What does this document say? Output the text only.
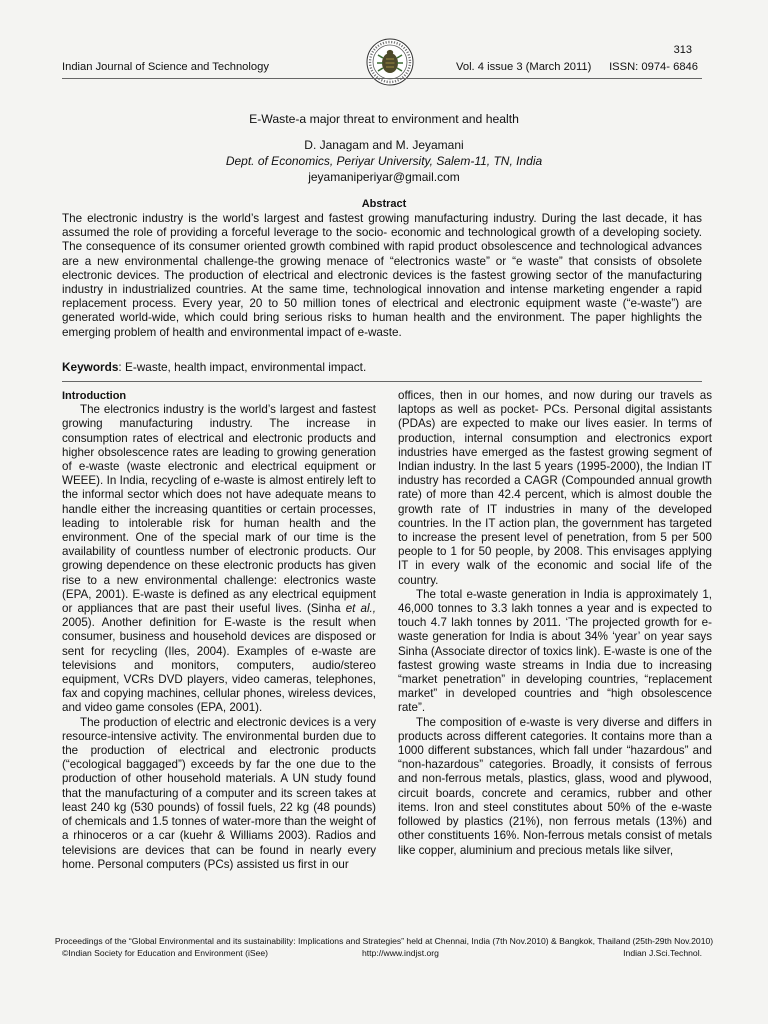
313
Indian Journal of Science and Technology	Vol. 4 issue 3 (March 2011) ISSN: 0974- 6846
E-Waste-a major threat to environment and health
D. Janagam and M. Jeyamani
Dept. of Economics, Periyar University, Salem-11, TN, India
jeyamaniperiyar@gmail.com
Abstract
The electronic industry is the world’s largest and fastest growing manufacturing industry. During the last decade, it has assumed the role of providing a forceful leverage to the socio- economic and technological growth of a developing society. The consequence of its consumer oriented growth combined with rapid product obsolescence and technological advances are a new environmental challenge-the growing menace of “electronics waste” or “e waste” that consists of obsolete electronic devices. The production of electrical and electronic devices is the fastest growing sector of the manufacturing industry in industrialized countries. At the same time, technological innovation and intense marketing engender a rapid replacement process. Every year, 20 to 50 million tones of electrical and electronic equipment waste (“e-waste”) are generated world-wide, which could bring serious risks to human health and the environment. The paper highlights the emerging problem of health and environmental impact of e-waste.
Keywords: E-waste, health impact, environmental impact.

Introduction

The electronics industry is the world’s largest and fastest growing manufacturing industry. The increase in consumption rates of electrical and electronic products and higher obsolescence rates are leading to growing generation of e-waste (waste electronic and electrical equipment or WEEE). In India, recycling of e-waste is almost entirely left to the informal sector which does not have adequate means to handle either the increasing quantities or certain processes, leading to intolerable risk for human health and the environment. One of the special mark of our time is the availability of countless number of electronic products. Our growing dependence on these electronic products has given rise to a new environmental challenge: electronics waste (EPA, 2001). E-waste is defined as any electrical equipment or appliances that are past their useful lives. (Sinha et al., 2005). Another definition for E-waste is the result when consumer, business and household devices are disposed or sent for recycling (Iles, 2004). Examples of e-waste are televisions and monitors, computers, audio/stereo equipment, VCRs DVD players, video cameras, telephones, fax and copying machines, cellular phones, wireless devices, and video game consoles (EPA, 2001).

The production of electric and electronic devices is a very resource-intensive activity. The environmental burden due to the production of electrical and electronic products (“ecological baggaged”) exceeds by far the one due to the production of other household materials. A UN study found that the manufacturing of a computer and its screen takes at least 240 kg (530 pounds) of fossil fuels, 22 kg (48 pounds) of chemicals and 1.5 tonnes of water-more than the weight of a rhinoceros or a car (kuehr & Williams 2003). Radios and televisions are devices that can be found in nearly every home. Personal computers (PCs) assisted us first in our

offices, then in our homes, and now during our travels as laptops as well as pocket- PCs. Personal digital assistants (PDAs) are expected to make our lives easier. In terms of production, internal consumption and electronics export industries have emerged as the fastest growing segment of Indian industry. In the last 5 years (1995-2000), the Indian IT industry has recorded a CAGR (Compounded annual growth rate) of more than 42.4 percent, which is almost double the growth rate of IT industries in many of the developed countries. In the IT action plan, the government has targeted to increase the present level of penetration, from 5 per 500 people to 1 for 50 people, by 2008. This envisages applying IT in every walk of the economic and social life of the country.

The total e-waste generation in India is approximately 1, 46,000 tonnes to 3.3 lakh tonnes a year and is expected to touch 4.7 lakh tonnes by 2011. ‘The projected growth for e-waste generation for India is about 34% ‘year’ on year says Sinha (Associate director of toxics link). E-waste is one of the fastest growing waste streams in India due to increasing “market penetration” in developing countries, “replacement market” in developed countries and “high obsolescence rate”.

The composition of e-waste is very diverse and differs in products across different categories. It contains more than a 1000 different substances, which fall under “hazardous” and “non-hazardous” categories. Broadly, it consists of ferrous and non-ferrous metals, plastics, glass, wood and plywood, circuit boards, concrete and ceramics, rubber and other items. Iron and steel constitutes about 50% of the e-waste followed by plastics (21%), non ferrous metals (13%) and other constituents 16%. Non-ferrous metals consist of metals like copper, aluminium and precious metals like silver,

Proceedings of the “Global Environmental and its sustainability: Implications and Strategies” held at Chennai, India (7th Nov.2010) & Bangkok, Thailand (25th-29th Nov.2010)
©Indian Society for Education and Environment (iSee)	http://www.indjst.org	Indian J.Sci.Technol.
